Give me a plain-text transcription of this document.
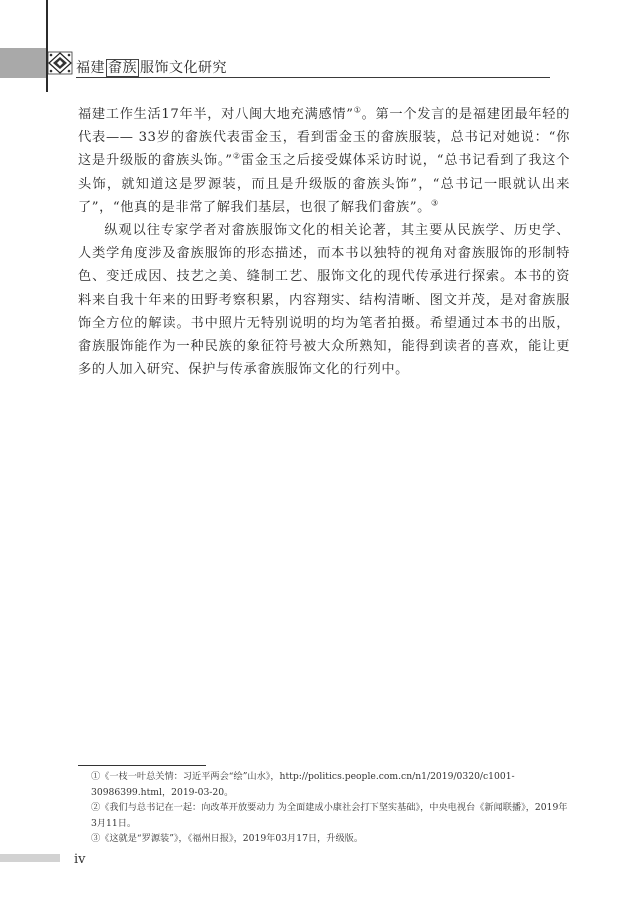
福建 畲族 服饰文化研究

福建工作生活17年半，对八闽大地充满感情”①。第一个发言的是福建团最年轻的代表—— 33岁的畲族代表雷金玉，看到雷金玉的畲族服装，总书记对她说：“你这是升级版的畲族头饰。”②雷金玉之后接受媒体采访时说，“总书记看到了我这个头饰，就知道这是罗源装，而且是升级版的畲族头饰”，“总书记一眼就认出来了”，“他真的是非常了解我们基层，也很了解我们畲族”。③

纵观以往专家学者对畲族服饰文化的相关论著，其主要从民族学、历史学、人类学角度涉及畲族服饰的形态描述，而本书以独特的视角对畲族服饰的形制特色、变迁成因、技艺之美、缝制工艺、服饰文化的现代传承进行探索。本书的资料来自我十年来的田野考察积累，内容翔实、结构清晰、图文并茂，是对畲族服饰全方位的解读。书中照片无特别说明的均为笔者拍摄。希望通过本书的出版，畲族服饰能作为一种民族的象征符号被大众所熟知，能得到读者的喜欢，能让更多的人加入研究、保护与传承畲族服饰文化的行列中。

①《一枝一叶总关情：习近平两会“绘”山水》，http://politics.people.com.cn/n1/2019/0320/c1001-30986399.html，2019-03-20。

②《我们与总书记在一起：向改革开放要动力 为全面建成小康社会打下坚实基础》，中央电视台《新闻联播》，2019年3月11日。

③《这就是“罗源装”》，《福州日报》，2019年03月17日，升级版。

iv
